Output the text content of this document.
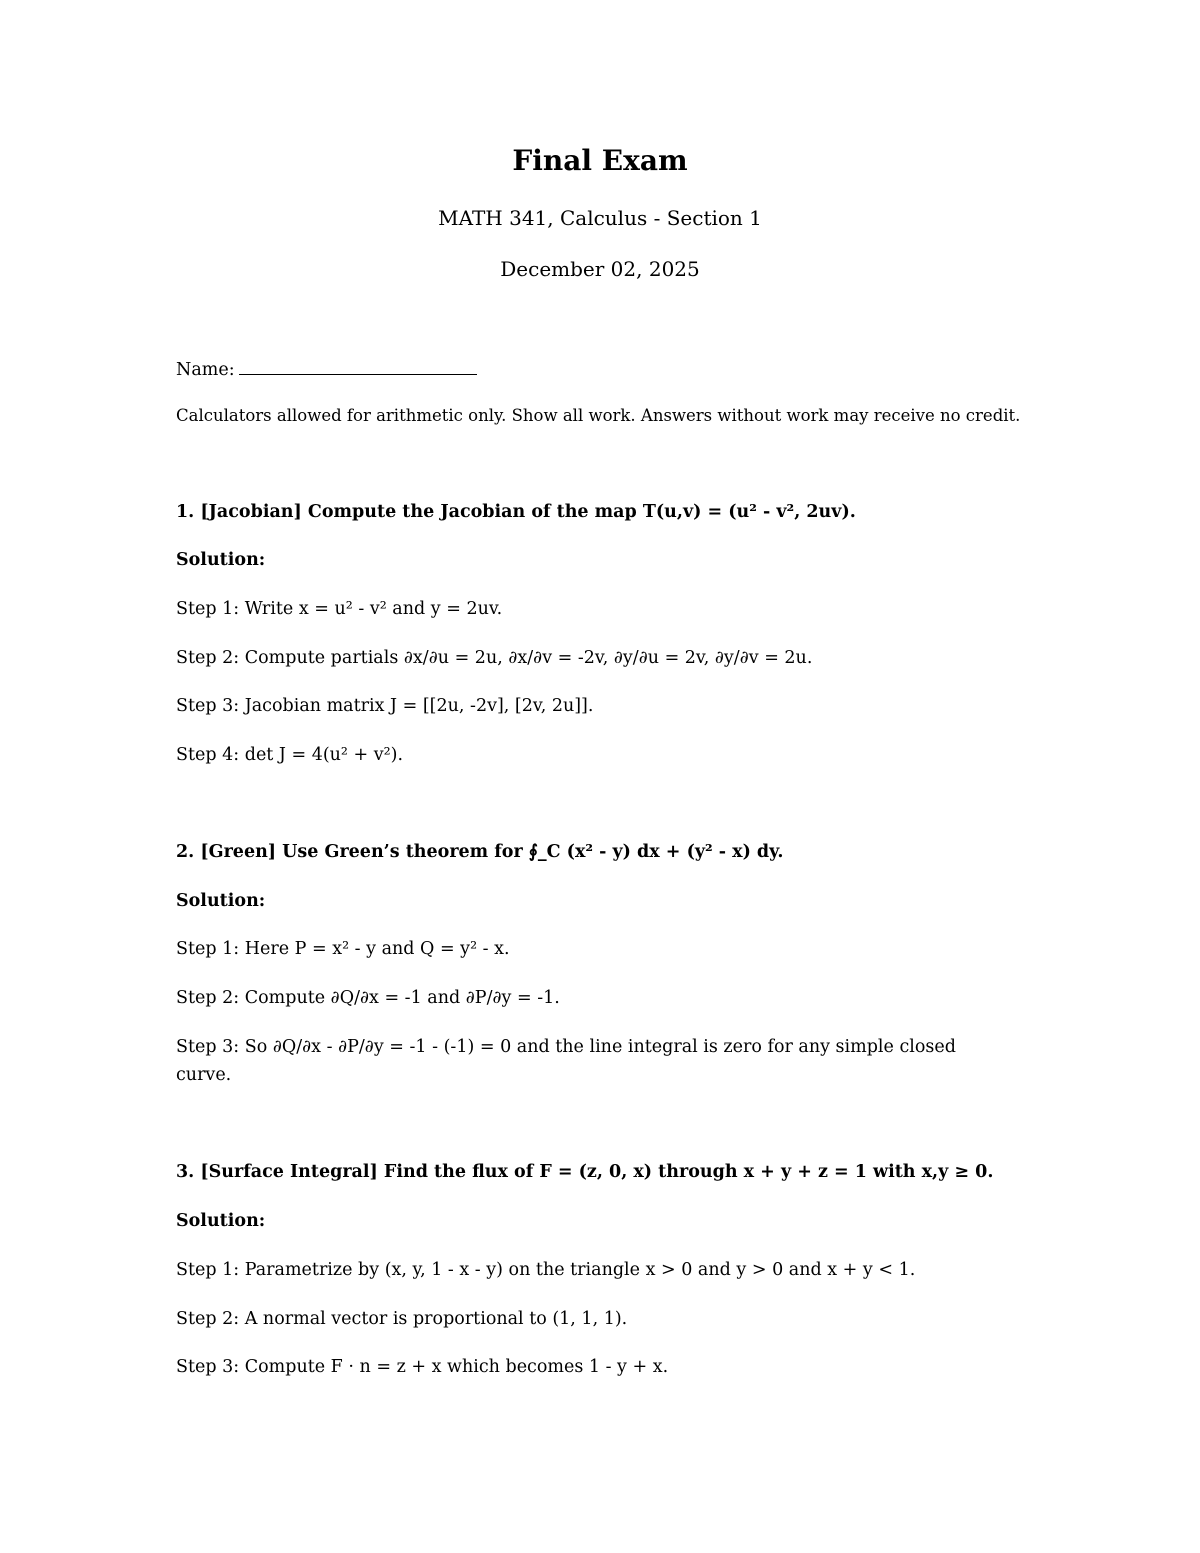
Final Exam
MATH 341, Calculus - Section 1
December 02, 2025
Name:
Calculators allowed for arithmetic only. Show all work. Answers without work may receive no credit.
1. [Jacobian] Compute the Jacobian of the map T(u,v) = (u² - v², 2uv).
Solution:
Step 1: Write x = u² - v² and y = 2uv.
Step 2: Compute partials ∂x/∂u = 2u, ∂x/∂v = -2v, ∂y/∂u = 2v, ∂y/∂v = 2u.
Step 3: Jacobian matrix J = [[2u, -2v], [2v, 2u]].
Step 4: det J = 4(u² + v²).
2. [Green] Use Green’s theorem for ∮_C (x² - y) dx + (y² - x) dy.
Solution:
Step 1: Here P = x² - y and Q = y² - x.
Step 2: Compute ∂Q/∂x = -1 and ∂P/∂y = -1.
Step 3: So ∂Q/∂x - ∂P/∂y = -1 - (-1) = 0 and the line integral is zero for any simple closed curve.
3. [Surface Integral] Find the flux of F = (z, 0, x) through x + y + z = 1 with x,y ≥ 0.
Solution:
Step 1: Parametrize by (x, y, 1 - x - y) on the triangle x > 0 and y > 0 and x + y < 1.
Step 2: A normal vector is proportional to (1, 1, 1).
Step 3: Compute F · n = z + x which becomes 1 - y + x.
